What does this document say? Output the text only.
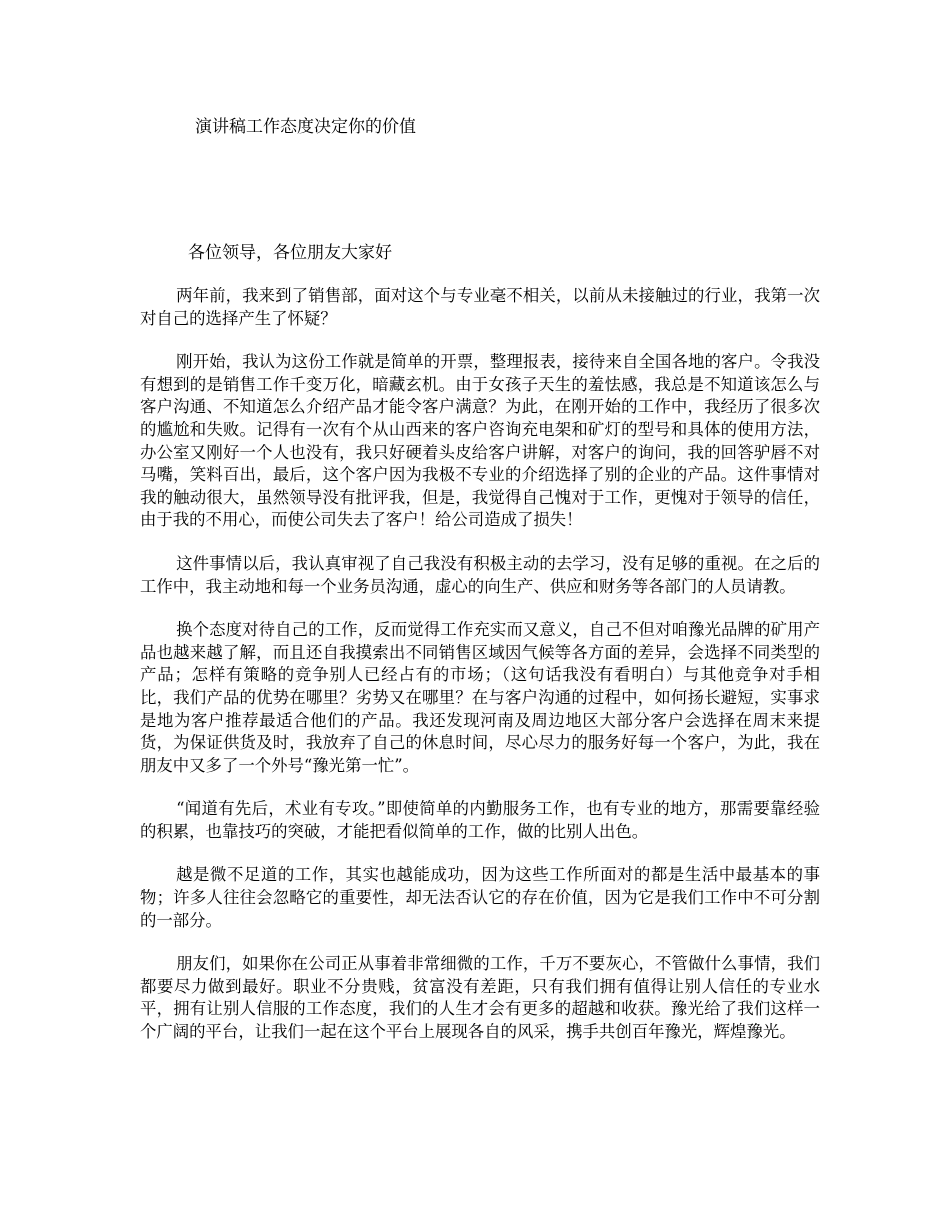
演讲稿工作态度决定你的价值

各位领导，各位朋友大家好

两年前，我来到了销售部，面对这个与专业毫不相关，以前从未接触过的行业，我第一次对自己的选择产生了怀疑？

刚开始，我认为这份工作就是简单的开票，整理报表，接待来自全国各地的客户。令我没有想到的是销售工作千变万化，暗藏玄机。由于女孩子天生的羞怯感，我总是不知道该怎么与客户沟通、不知道怎么介绍产品才能令客户满意？为此，在刚开始的工作中，我经历了很多次的尴尬和失败。记得有一次有个从山西来的客户咨询充电架和矿灯的型号和具体的使用方法，办公室又刚好一个人也没有，我只好硬着头皮给客户讲解，对客户的询问，我的回答驴唇不对马嘴，笑料百出，最后，这个客户因为我极不专业的介绍选择了别的企业的产品。这件事情对我的触动很大，虽然领导没有批评我，但是，我觉得自己愧对于工作，更愧对于领导的信任，由于我的不用心，而使公司失去了客户！给公司造成了损失！

这件事情以后，我认真审视了自己我没有积极主动的去学习，没有足够的重视。在之后的工作中，我主动地和每一个业务员沟通，虚心的向生产、供应和财务等各部门的人员请教。

换个态度对待自己的工作，反而觉得工作充实而又意义，自己不但对咱豫光品牌的矿用产品也越来越了解，而且还自我摸索出不同销售区域因气候等各方面的差异，会选择不同类型的产品；怎样有策略的竞争别人已经占有的市场；（这句话我没有看明白）与其他竞争对手相比，我们产品的优势在哪里？劣势又在哪里？在与客户沟通的过程中，如何扬长避短，实事求是地为客户推荐最适合他们的产品。我还发现河南及周边地区大部分客户会选择在周末来提货，为保证供货及时，我放弃了自己的休息时间，尽心尽力的服务好每一个客户，为此，我在朋友中又多了一个外号“豫光第一忙”。

“闻道有先后，术业有专攻。”即使简单的内勤服务工作，也有专业的地方，那需要靠经验的积累，也靠技巧的突破，才能把看似简单的工作，做的比别人出色。

越是微不足道的工作，其实也越能成功，因为这些工作所面对的都是生活中最基本的事物；许多人往往会忽略它的重要性，却无法否认它的存在价值，因为它是我们工作中不可分割的一部分。

朋友们，如果你在公司正从事着非常细微的工作，千万不要灰心，不管做什么事情，我们都要尽力做到最好。职业不分贵贱，贫富没有差距，只有我们拥有值得让别人信任的专业水平，拥有让别人信服的工作态度，我们的人生才会有更多的超越和收获。豫光给了我们这样一个广阔的平台，让我们一起在这个平台上展现各自的风采，携手共创百年豫光，辉煌豫光。
